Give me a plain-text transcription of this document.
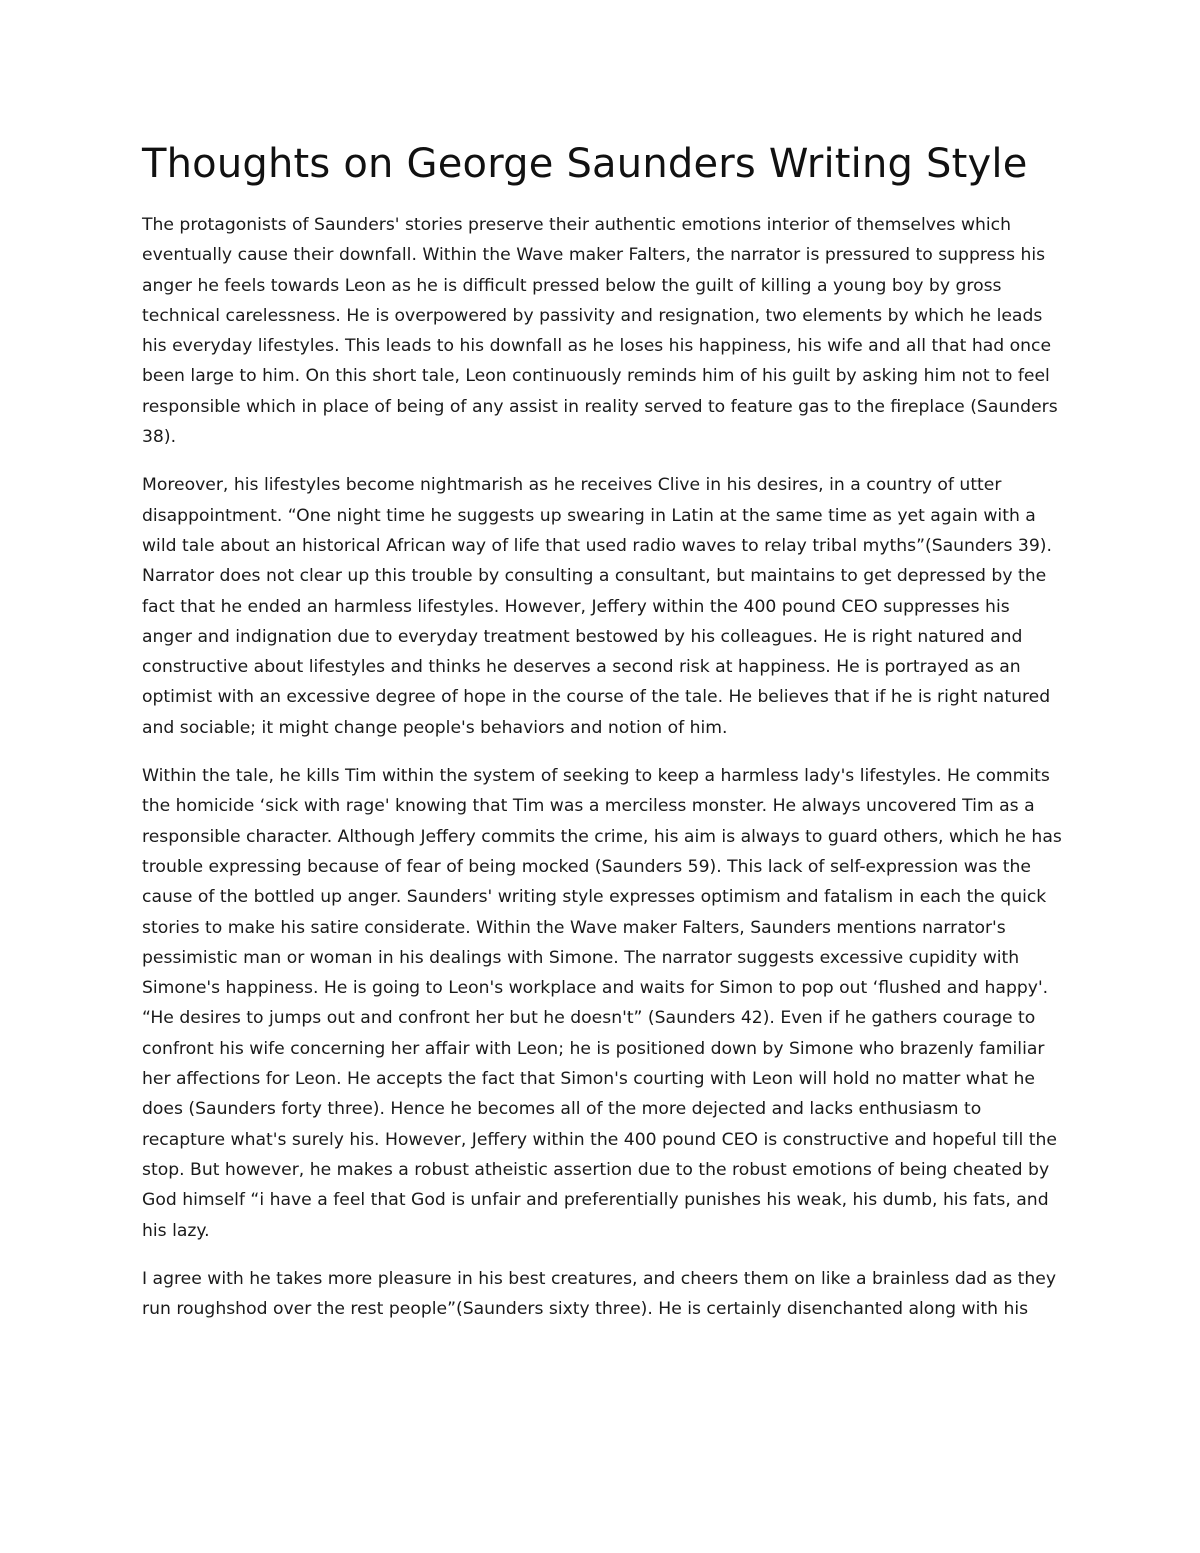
Thoughts on George Saunders Writing Style

The protagonists of Saunders' stories preserve their authentic emotions interior of themselves which eventually cause their downfall. Within the Wave maker Falters, the narrator is pressured to suppress his anger he feels towards Leon as he is difficult pressed below the guilt of killing a young boy by gross technical carelessness. He is overpowered by passivity and resignation, two elements by which he leads his everyday lifestyles. This leads to his downfall as he loses his happiness, his wife and all that had once been large to him. On this short tale, Leon continuously reminds him of his guilt by asking him not to feel responsible which in place of being of any assist in reality served to feature gas to the fireplace (Saunders 38).

Moreover, his lifestyles become nightmarish as he receives Clive in his desires, in a country of utter disappointment. “One night time he suggests up swearing in Latin at the same time as yet again with a wild tale about an historical African way of life that used radio waves to relay tribal myths”(Saunders 39). Narrator does not clear up this trouble by consulting a consultant, but maintains to get depressed by the fact that he ended an harmless lifestyles. However, Jeffery within the 400 pound CEO suppresses his anger and indignation due to everyday treatment bestowed by his colleagues. He is right natured and constructive about lifestyles and thinks he deserves a second risk at happiness. He is portrayed as an optimist with an excessive degree of hope in the course of the tale. He believes that if he is right natured and sociable; it might change people's behaviors and notion of him.

Within the tale, he kills Tim within the system of seeking to keep a harmless lady's lifestyles. He commits the homicide ‘sick with rage' knowing that Tim was a merciless monster. He always uncovered Tim as a responsible character. Although Jeffery commits the crime, his aim is always to guard others, which he has trouble expressing because of fear of being mocked (Saunders 59). This lack of self-expression was the cause of the bottled up anger. Saunders' writing style expresses optimism and fatalism in each the quick stories to make his satire considerate. Within the Wave maker Falters, Saunders mentions narrator's pessimistic man or woman in his dealings with Simone. The narrator suggests excessive cupidity with Simone's happiness. He is going to Leon's workplace and waits for Simon to pop out ‘flushed and happy'. “He desires to jumps out and confront her but he doesn't” (Saunders 42). Even if he gathers courage to confront his wife concerning her affair with Leon; he is positioned down by Simone who brazenly familiar her affections for Leon. He accepts the fact that Simon's courting with Leon will hold no matter what he does (Saunders forty three). Hence he becomes all of the more dejected and lacks enthusiasm to recapture what's surely his. However, Jeffery within the 400 pound CEO is constructive and hopeful till the stop. But however, he makes a robust atheistic assertion due to the robust emotions of being cheated by God himself “i have a feel that God is unfair and preferentially punishes his weak, his dumb, his fats, and his lazy.

I agree with he takes more pleasure in his best creatures, and cheers them on like a brainless dad as they run roughshod over the rest people”(Saunders sixty three). He is certainly disenchanted along with his
